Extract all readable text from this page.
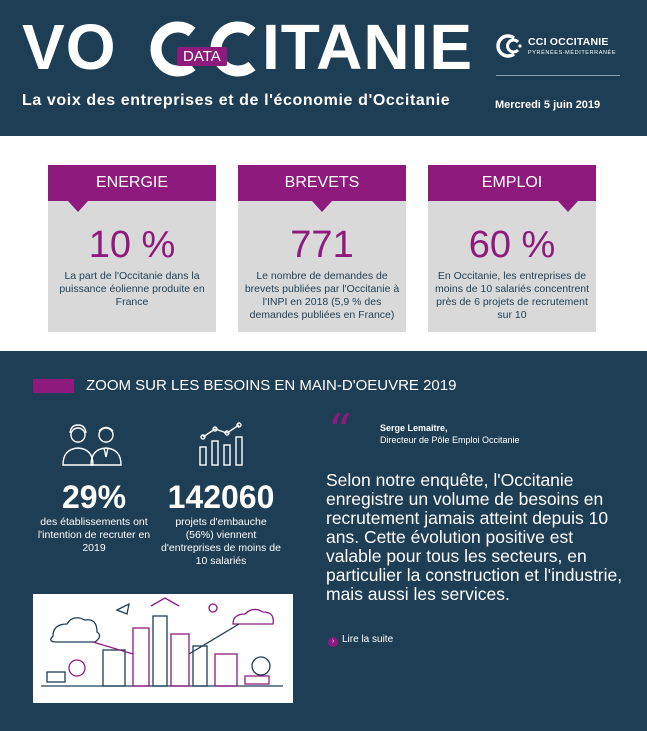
VO ITANIE
DATA
La voix des entreprises et de l'économie d'Occitanie	Mercredi 5 juin 2019
CCI OCCITANIE
PYRÉNÉES-MÉDITERRANÉE
ENERGIE
10 %
La part de l'Occitanie dans la puissance éolienne produite en France
BREVETS
771
Le nombre de demandes de brevets publiées par l'Occitanie à l'INPI en 2018 (5,9 % des demandes publiées en France)
EMPLOI
60 %
En Occitanie, les entreprises de moins de 10 salariés concentrent près de 6 projets de recrutement sur 10
ZOOM SUR LES BESOINS EN MAIN-D'OEUVRE 2019
29%
des établissements ont l'intention de recruter en 2019
142060
projets d'embauche (56%) viennent d'entreprises de moins de 10 salariés
“	Serge Lemaitre,
Directeur de Pôle Emploi Occitanie
Selon notre enquête, l'Occitanie enregistre un volume de besoins en recrutement jamais atteint depuis 10 ans. Cette évolution positive est valable pour tous les secteurs, en particulier la construction et l'industrie, mais aussi les services.
› Lire la suite
